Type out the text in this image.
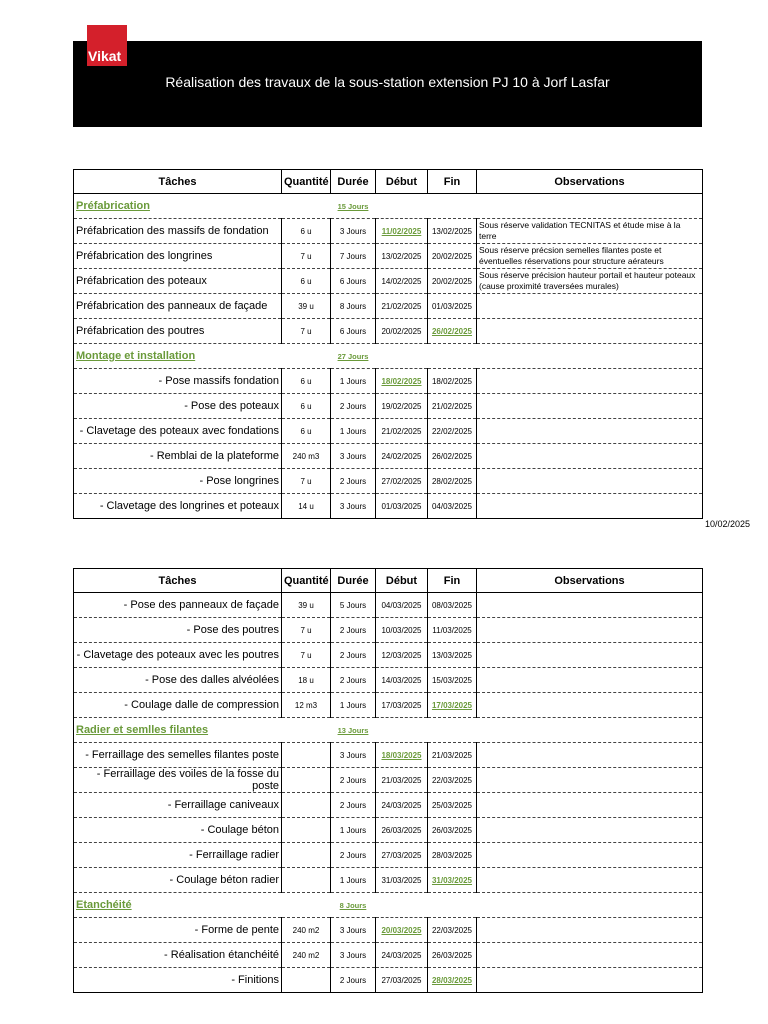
Vikat
Réalisation des travaux de la sous-station extension PJ 10 à Jorf Lasfar
Tâches	Quantité	Durée	Début	Fin	Observations
Préfabrication		15 Jours			
Préfabrication des massifs de fondation	6 u	3 Jours	11/02/2025	13/02/2025	Sous réserve validation TECNITAS et étude mise à la terre
Préfabrication des longrines	7 u	7 Jours	13/02/2025	20/02/2025	Sous réserve précsion semelles filantes poste et éventuelles réservations pour structure aérateurs
Préfabrication des poteaux	6 u	6 Jours	14/02/2025	20/02/2025	Sous réserve précision hauteur portail et hauteur poteaux (cause proximité traversées murales)
Préfabrication des panneaux de façade	39 u	8 Jours	21/02/2025	01/03/2025	
Préfabrication des poutres	7 u	6 Jours	20/02/2025	26/02/2025	
Montage et installation		27 Jours			
- Pose massifs fondation	6 u	1 Jours	18/02/2025	18/02/2025	
- Pose des poteaux	6 u	2 Jours	19/02/2025	21/02/2025	
- Clavetage des poteaux avec fondations	6 u	1 Jours	21/02/2025	22/02/2025	
- Remblai de la plateforme	240 m3	3 Jours	24/02/2025	26/02/2025	
- Pose longrines	7 u	2 Jours	27/02/2025	28/02/2025	
- Clavetage des longrines et poteaux	14 u	3 Jours	01/03/2025	04/03/2025	
10/02/2025
Tâches	Quantité	Durée	Début	Fin	Observations
- Pose des panneaux de façade	39 u	5 Jours	04/03/2025	08/03/2025	
- Pose des poutres	7 u	2 Jours	10/03/2025	11/03/2025	
- Clavetage des poteaux avec les poutres	7 u	2 Jours	12/03/2025	13/03/2025	
- Pose des dalles alvéolées	18 u	2 Jours	14/03/2025	15/03/2025	
- Coulage dalle de compression	12 m3	1 Jours	17/03/2025	17/03/2025	
Radier et semlles filantes		13 Jours			
- Ferraillage des semelles filantes poste		3 Jours	18/03/2025	21/03/2025	
- Ferraillage des voiles de la fosse du poste		2 Jours	21/03/2025	22/03/2025	
- Ferraillage caniveaux		2 Jours	24/03/2025	25/03/2025	
- Coulage béton		1 Jours	26/03/2025	26/03/2025	
- Ferraillage radier		2 Jours	27/03/2025	28/03/2025	
- Coulage béton radier		1 Jours	31/03/2025	31/03/2025	
Etanchéité		8 Jours			
- Forme de pente	240 m2	3 Jours	20/03/2025	22/03/2025	
- Réalisation étanchéité	240 m2	3 Jours	24/03/2025	26/03/2025	
- Finitions		2 Jours	27/03/2025	28/03/2025	
